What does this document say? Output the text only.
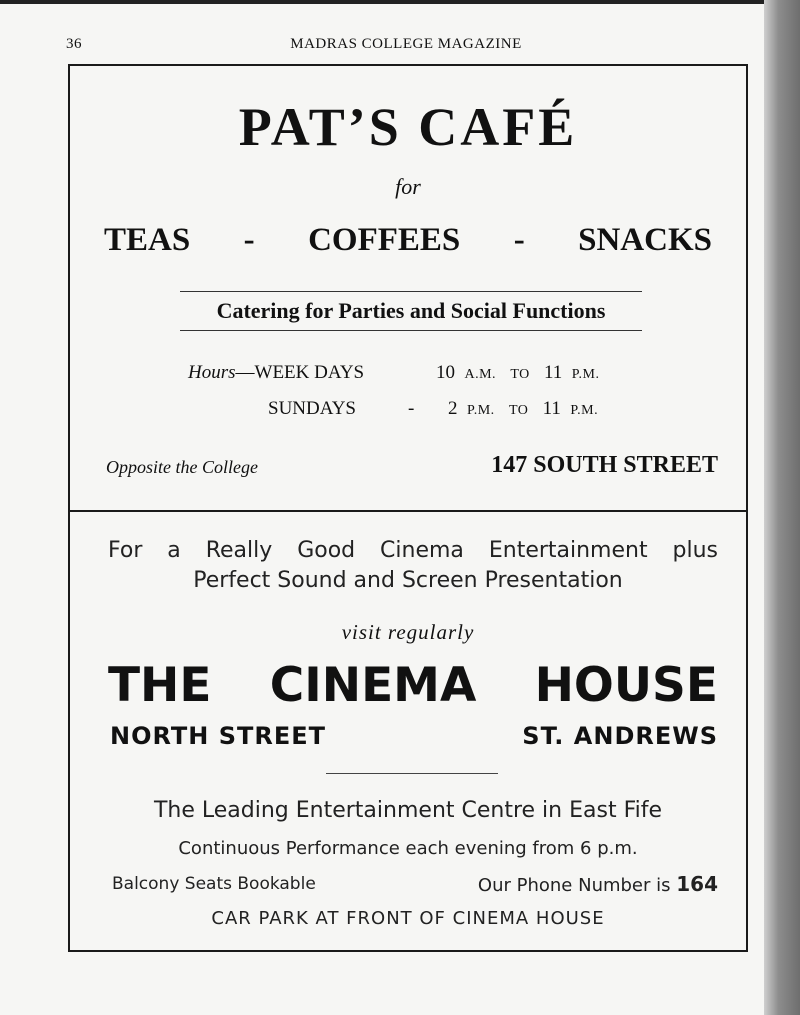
36	MADRAS COLLEGE MAGAZINE
PAT’S CAFÉ
for
TEAS - COFFEES - SNACKS
Catering for Parties and Social Functions
Hours—WEEK DAYS	10 A.M. TO 11 P.M.
SUNDAYS	- 2 P.M. TO 11 P.M.
Opposite the College	147 SOUTH STREET
For a Really Good Cinema Entertainment plus
Perfect Sound and Screen Presentation
visit regularly
THE CINEMA HOUSE
NORTH STREET	ST. ANDREWS
The Leading Entertainment Centre in East Fife
Continuous Performance each evening from 6 p.m.
Balcony Seats Bookable	Our Phone Number is 164
CAR PARK AT FRONT OF CINEMA HOUSE
